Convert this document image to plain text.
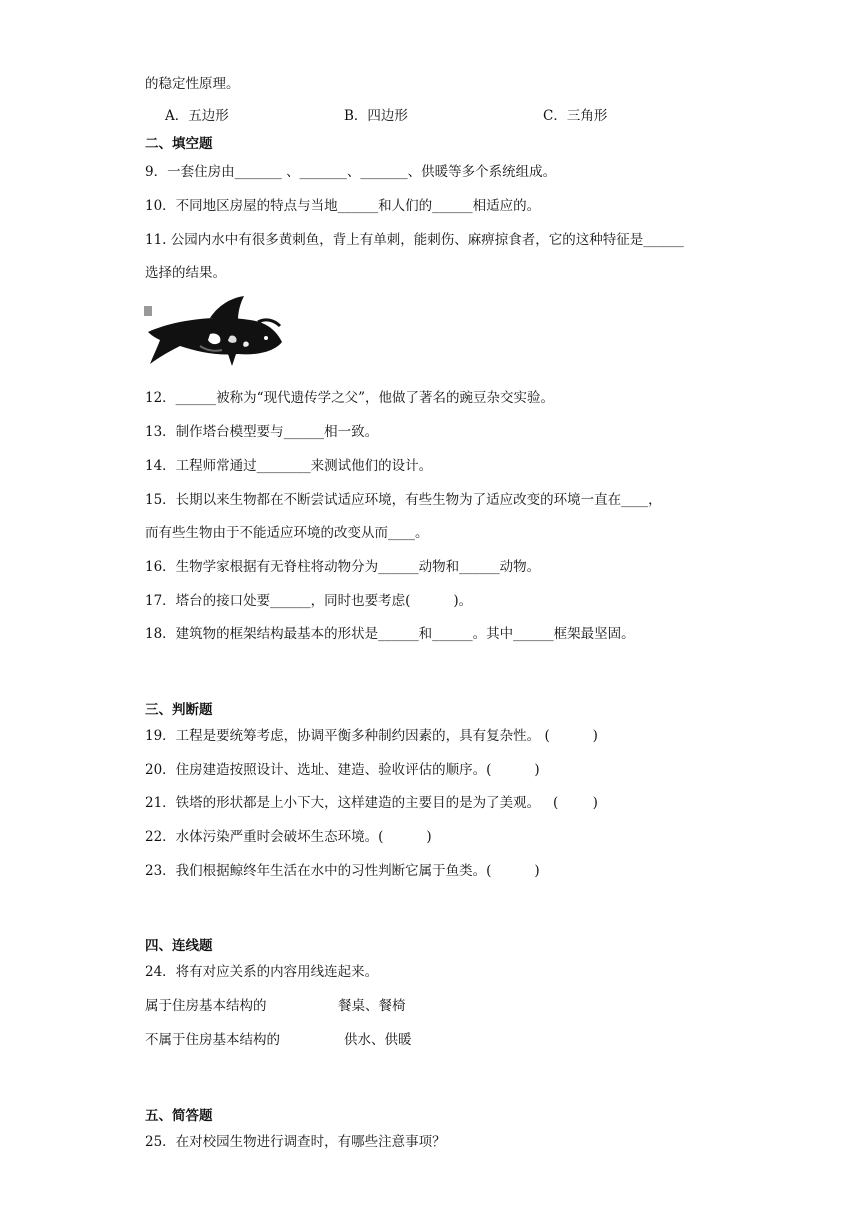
的稳定性原理。
A．五边形	B．四边形	C．三角形
二、填空题
9．一套住房由_______ 、_______、_______、供暖等多个系统组成。
10．不同地区房屋的特点与当地______和人们的______相适应的。
11. 公园内水中有很多黄刺鱼，背上有单刺，能刺伤、麻痹掠食者，它的这种特征是______
选择的结果。
12．______被称为“现代遗传学之父”，他做了著名的豌豆杂交实验。
13．制作塔台模型要与______相一致。
14．工程师常通过________来测试他们的设计。
15．长期以来生物都在不断尝试适应环境，有些生物为了适应改变的环境一直在____，
而有些生物由于不能适应环境的改变从而____。
16．生物学家根据有无脊柱将动物分为______动物和______动物。
17．塔台的接口处要______，同时也要考虑(          )。
18．建筑物的框架结构最基本的形状是______和______。其中______框架最坚固。
三、判断题
19．工程是要统筹考虑，协调平衡多种制约因素的，具有复杂性。 (          )
20．住房建造按照设计、选址、建造、验收评估的顺序。(          )
21．铁塔的形状都是上小下大，这样建造的主要目的是为了美观。   (        )
22．水体污染严重时会破坏生态环境。(          )
23．我们根据鲸终年生活在水中的习性判断它属于鱼类。(          )
四、连线题
24．将有对应关系的内容用线连起来。
属于住房基本结构的	餐桌、餐椅
不属于住房基本结构的	供水、供暖
五、简答题
25．在对校园生物进行调查时，有哪些注意事项？
